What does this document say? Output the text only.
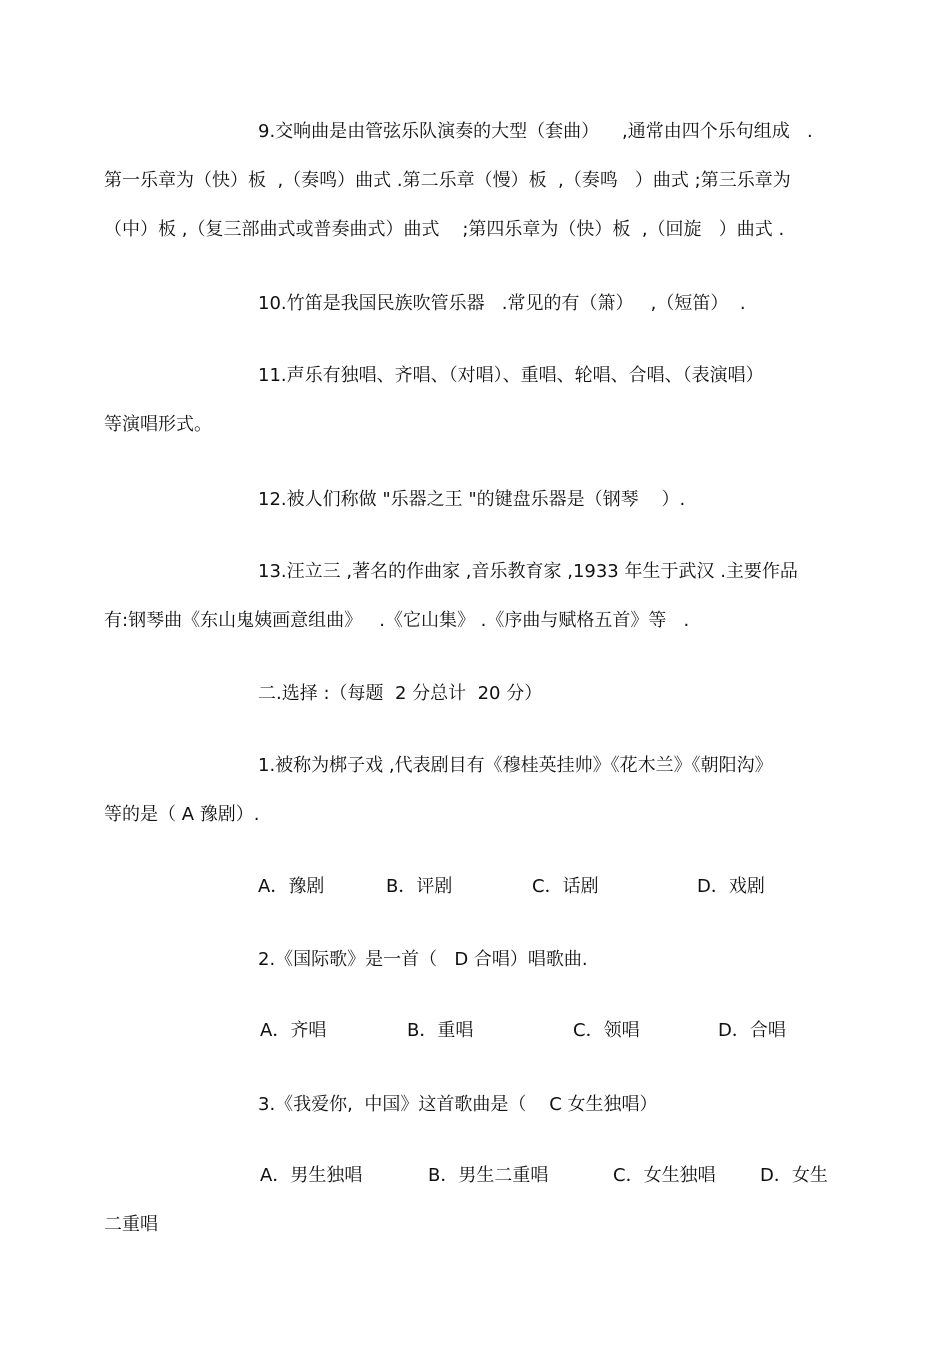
9.交响曲是由管弦乐队演奏的大型（套曲）    ,通常由四个乐句组成   .

第一乐章为（快）板  ,（奏鸣）曲式 .第二乐章（慢）板  ,（奏鸣   ）曲式 ;第三乐章为

（中）板 ,（复三部曲式或普奏曲式）曲式    ;第四乐章为（快）板  ,（回旋   ）曲式 .

10.竹笛是我国民族吹管乐器   .常见的有（箫）   ,（短笛）  .

11.声乐有独唱、齐唱、（对唱）、重唱、轮唱、合唱、（表演唱）

等演唱形式。

12.被人们称做 "乐器之王 "的键盘乐器是（钢琴    ）.

13.汪立三 ,著名的作曲家 ,音乐教育家 ,1933 年生于武汉 .主要作品

有:钢琴曲《东山鬼姨画意组曲》   .《它山集》 .《序曲与赋格五首》等   .

二.选择 :（每题  2 分总计  20 分）

1.被称为梆子戏 ,代表剧目有《穆桂英挂帅》《花木兰》《朝阳沟》

等的是（ A 豫剧）.

A．豫剧	B．评剧	C．话剧	D．戏剧

2.《国际歌》是一首（   D 合唱）唱歌曲.

A．齐唱	B．重唱	C．领唱	D．合唱

3.《我爱你,  中国》这首歌曲是（    C 女生独唱）

A．男生独唱	B．男生二重唱	C．女生独唱 D．女生

二重唱
